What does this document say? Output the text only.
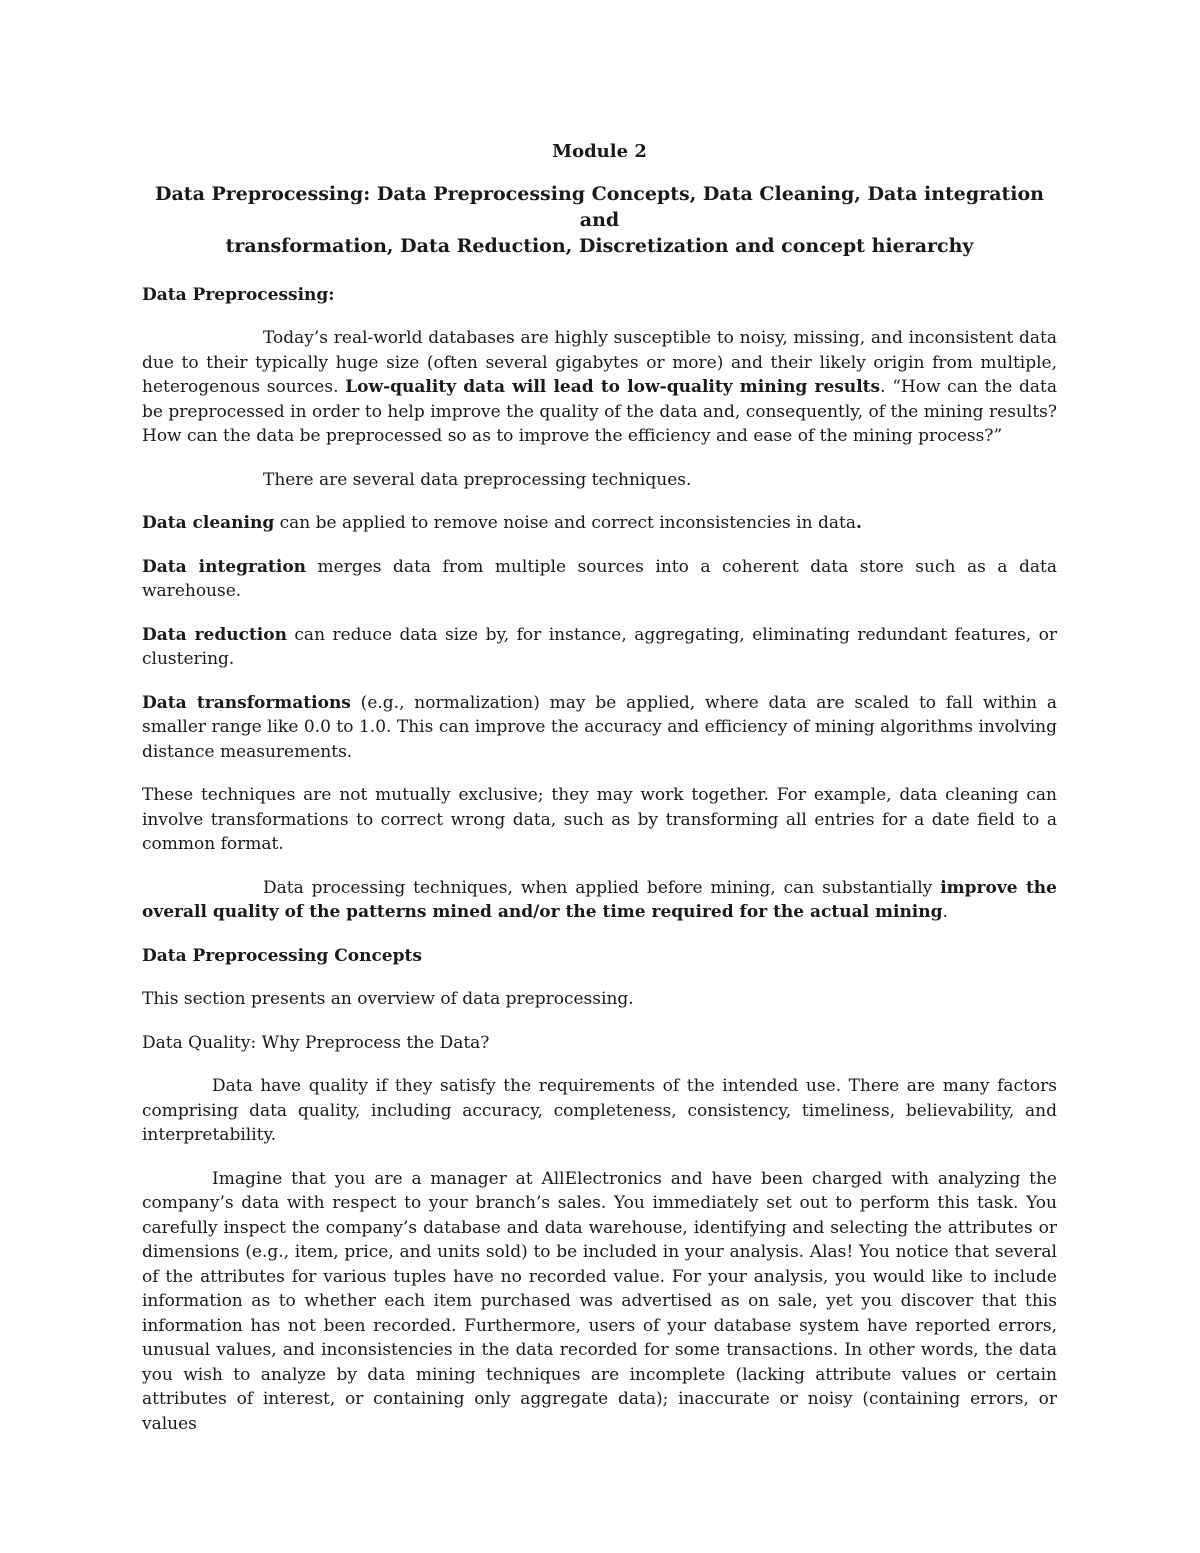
Module 2
Data Preprocessing: Data Preprocessing Concepts, Data Cleaning, Data integration and
transformation, Data Reduction, Discretization and concept hierarchy
Data Preprocessing:

Today’s real-world databases are highly susceptible to noisy, missing, and inconsistent data due to their typically huge size (often several gigabytes or more) and their likely origin from multiple, heterogenous sources. Low-quality data will lead to low-quality mining results. “How can the data be preprocessed in order to help improve the quality of the data and, consequently, of the mining results? How can the data be preprocessed so as to improve the efficiency and ease of the mining process?”

There are several data preprocessing techniques.

Data cleaning can be applied to remove noise and correct inconsistencies in data.

Data integration merges data from multiple sources into a coherent data store such as a data warehouse.

Data reduction can reduce data size by, for instance, aggregating, eliminating redundant features, or clustering.

Data transformations (e.g., normalization) may be applied, where data are scaled to fall within a smaller range like 0.0 to 1.0. This can improve the accuracy and efficiency of mining algorithms involving distance measurements.

These techniques are not mutually exclusive; they may work together. For example, data cleaning can involve transformations to correct wrong data, such as by transforming all entries for a date field to a common format.

Data processing techniques, when applied before mining, can substantially improve the overall quality of the patterns mined and/or the time required for the actual mining.

Data Preprocessing Concepts

This section presents an overview of data preprocessing.

Data Quality: Why Preprocess the Data?

Data have quality if they satisfy the requirements of the intended use. There are many factors comprising data quality, including accuracy, completeness, consistency, timeliness, believability, and interpretability.

Imagine that you are a manager at AllElectronics and have been charged with analyzing the company’s data with respect to your branch’s sales. You immediately set out to perform this task. You carefully inspect the company’s database and data warehouse, identifying and selecting the attributes or dimensions (e.g., item, price, and units sold) to be included in your analysis. Alas! You notice that several of the attributes for various tuples have no recorded value. For your analysis, you would like to include information as to whether each item purchased was advertised as on sale, yet you discover that this information has not been recorded. Furthermore, users of your database system have reported errors, unusual values, and inconsistencies in the data recorded for some transactions. In other words, the data you wish to analyze by data mining techniques are incomplete (lacking attribute values or certain attributes of interest, or containing only aggregate data); inaccurate or noisy (containing errors, or values
